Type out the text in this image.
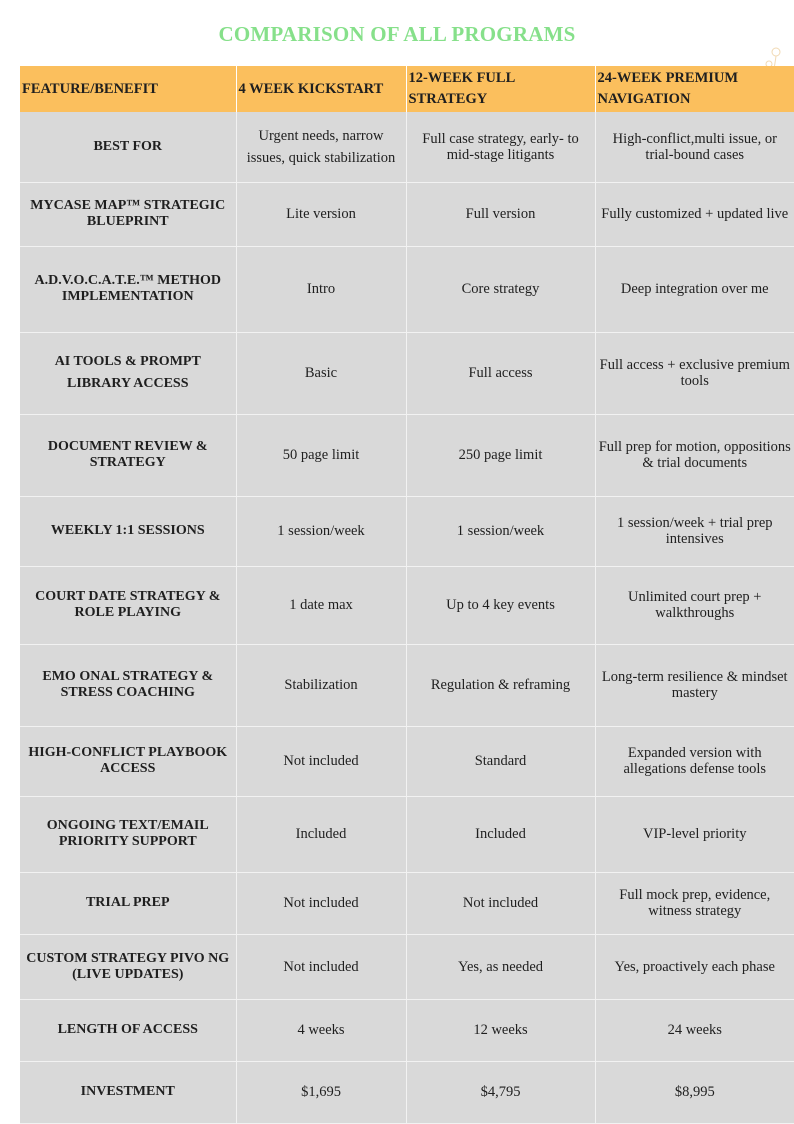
COMPARISON OF ALL PROGRAMS
FEATURE/BENEFIT	4 WEEK KICKSTART	12-WEEK FULL STRATEGY	24-WEEK PREMIUM NAVIGATION
BEST FOR	Urgent needs, narrow issues, quick stabilization	Full case strategy, early- to mid-stage litigants	High-conflict,multi issue, or trial-bound cases
MYCASE MAP™ STRATEGIC BLUEPRINT	Lite version	Full version	Fully customized + updated live
A.D.V.O.C.A.T.E.™ METHOD IMPLEMENTATION	Intro	Core strategy	Deep integration over me
AI TOOLS & PROMPT LIBRARY ACCESS	Basic	Full access	Full access + exclusive premium tools
DOCUMENT REVIEW & STRATEGY	50 page limit	250 page limit	Full prep for motion, oppositions & trial documents
WEEKLY 1:1 SESSIONS	1 session/week	1 session/week	1 session/week + trial prep intensives
COURT DATE STRATEGY & ROLE PLAYING	1 date max	Up to 4 key events	Unlimited court prep + walkthroughs
EMO ONAL STRATEGY & STRESS COACHING	Stabilization	Regulation & reframing	Long-term resilience & mindset mastery
HIGH-CONFLICT PLAYBOOK ACCESS	Not included	Standard	Expanded version with allegations defense tools
ONGOING TEXT/EMAIL PRIORITY SUPPORT	Included	Included	VIP-level priority
TRIAL PREP	Not included	Not included	Full mock prep, evidence, witness strategy
CUSTOM STRATEGY PIVO NG (LIVE UPDATES)	Not included	Yes, as needed	Yes, proactively each phase
LENGTH OF ACCESS	4 weeks	12 weeks	24 weeks
INVESTMENT	$1,695	$4,795	$8,995
